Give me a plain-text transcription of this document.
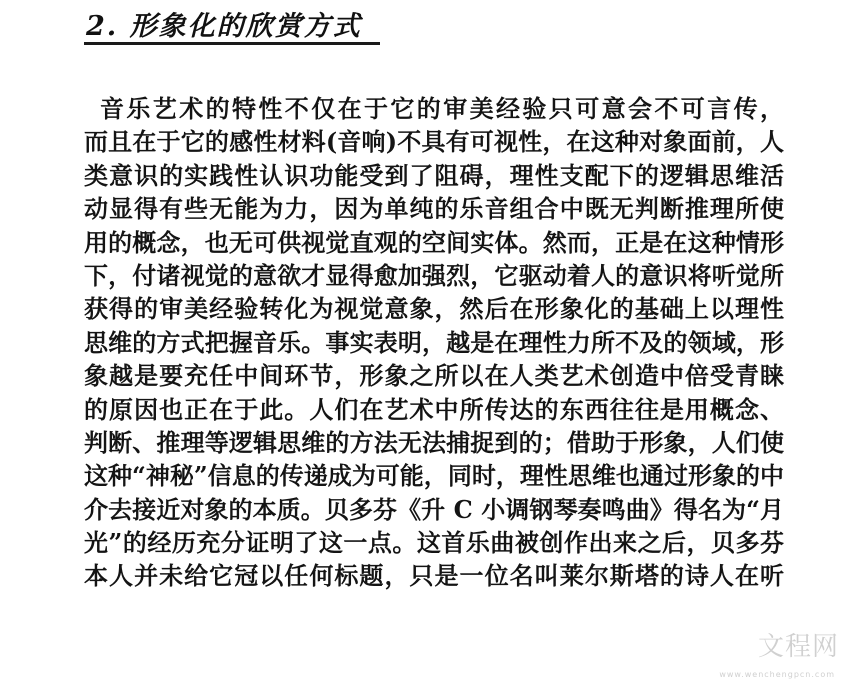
2. 形象化的欣赏方式
音乐艺术的特性不仅在于它的审美经验只可意会不可言传，
而且在于它的感性材料(音响)不具有可视性，在这种对象面前，人
类意识的实践性认识功能受到了阻碍，理性支配下的逻辑思维活
动显得有些无能为力，因为单纯的乐音组合中既无判断推理所使
用的概念，也无可供视觉直观的空间实体。然而，正是在这种情形
下，付诸视觉的意欲才显得愈加强烈，它驱动着人的意识将听觉所
获得的审美经验转化为视觉意象，然后在形象化的基础上以理性
思维的方式把握音乐。事实表明，越是在理性力所不及的领域，形
象越是要充任中间环节，形象之所以在人类艺术创造中倍受青睐
的原因也正在于此。人们在艺术中所传达的东西往往是用概念、
判断、推理等逻辑思维的方法无法捕捉到的；借助于形象，人们使
这种“神秘”信息的传递成为可能，同时，理性思维也通过形象的中
介去接近对象的本质。贝多芬《升 C 小调钢琴奏鸣曲》得名为“月
光”的经历充分证明了这一点。这首乐曲被创作出来之后，贝多芬
本人并未给它冠以任何标题，只是一位名叫莱尔斯塔的诗人在听
文程网
www.wenchengpcn.com
